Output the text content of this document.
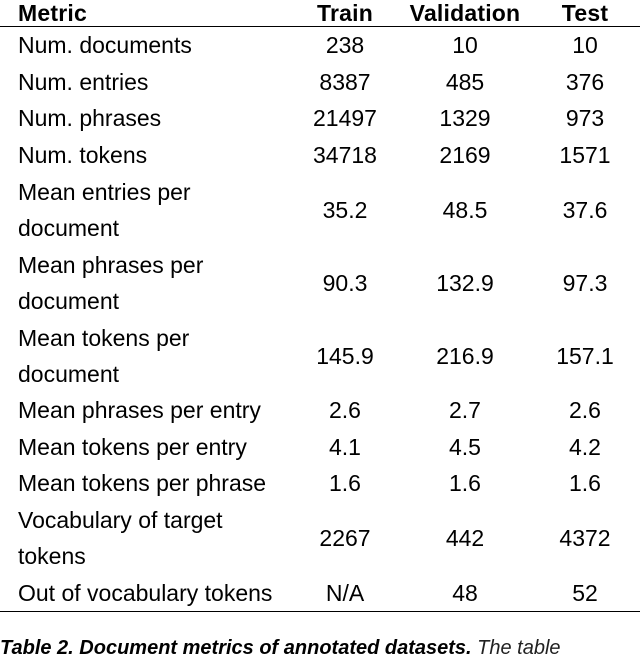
Metric	Train	Validation	Test
Num. documents	238	10	10
Num. entries	8387	485	376
Num. phrases	21497	1329	973
Num. tokens	34718	2169	1571
Mean entries per document	35.2	48.5	37.6
Mean phrases per document	90.3	132.9	97.3
Mean tokens per document	145.9	216.9	157.1
Mean phrases per entry	2.6	2.7	2.6
Mean tokens per entry	4.1	4.5	4.2
Mean tokens per phrase	1.6	1.6	1.6
Vocabulary of target tokens	2267	442	4372
Out of vocabulary tokens	N/A	48	52
Table 2. Document metrics of annotated datasets. The table
